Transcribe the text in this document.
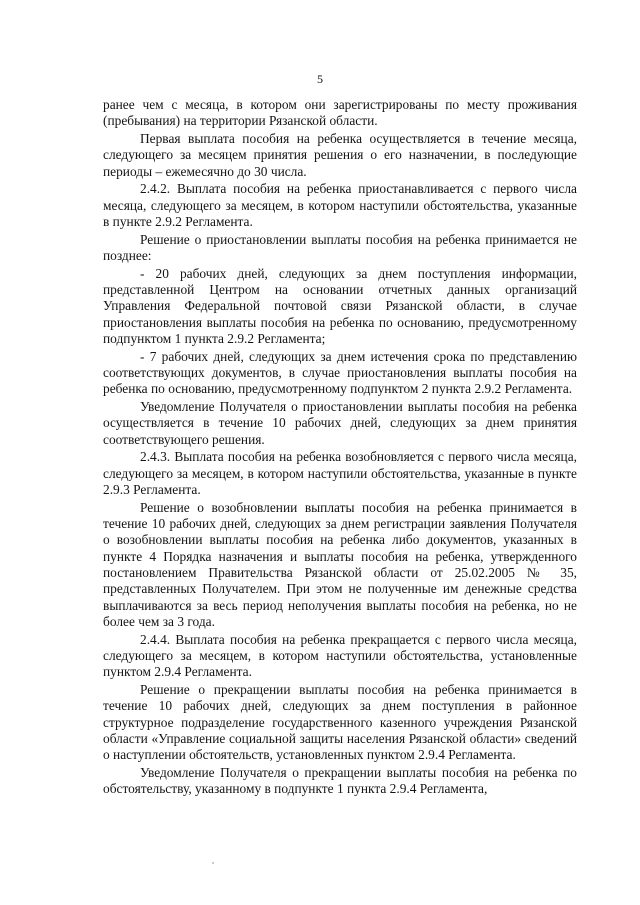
5

ранее чем с месяца, в котором они зарегистрированы по месту проживания (пребывания) на территории Рязанской области.

Первая выплата пособия на ребенка осуществляется в течение месяца, следующего за месяцем принятия решения о его назначении, в последующие периоды – ежемесячно до 30 числа.

2.4.2. Выплата пособия на ребенка приостанавливается с первого числа месяца, следующего за месяцем, в котором наступили обстоятельства, указанные в пункте 2.9.2 Регламента.

Решение о приостановлении выплаты пособия на ребенка принимается не позднее:

- 20 рабочих дней, следующих за днем поступления информации, представленной Центром на основании отчетных данных организаций Управления Федеральной почтовой связи Рязанской области, в случае приостановления выплаты пособия на ребенка по основанию, предусмотренному подпунктом 1 пункта 2.9.2 Регламента;

- 7 рабочих дней, следующих за днем истечения срока по представлению соответствующих документов, в случае приостановления выплаты пособия на ребенка по основанию, предусмотренному подпунктом 2 пункта 2.9.2 Регламента.

Уведомление Получателя о приостановлении выплаты пособия на ребенка осуществляется в течение 10 рабочих дней, следующих за днем принятия соответствующего решения.

2.4.3. Выплата пособия на ребенка возобновляется с первого числа месяца, следующего за месяцем, в котором наступили обстоятельства, указанные в пункте 2.9.3 Регламента.

Решение о возобновлении выплаты пособия на ребенка принимается в течение 10 рабочих дней, следующих за днем регистрации заявления Получателя о возобновлении выплаты пособия на ребенка либо документов, указанных в пункте 4 Порядка назначения и выплаты пособия на ребенка, утвержденного постановлением Правительства Рязанской области от 25.02.2005 № 35, представленных Получателем. При этом не полученные им денежные средства выплачиваются за весь период неполучения выплаты пособия на ребенка, но не более чем за 3 года.

2.4.4. Выплата пособия на ребенка прекращается с первого числа месяца, следующего за месяцем, в котором наступили обстоятельства, установленные пунктом 2.9.4 Регламента.

Решение о прекращении выплаты пособия на ребенка принимается в течение 10 рабочих дней, следующих за днем поступления в районное структурное подразделение государственного казенного учреждения Рязанской области «Управление социальной защиты населения Рязанской области» сведений о наступлении обстоятельств, установленных пунктом 2.9.4 Регламента.

Уведомление Получателя о прекращении выплаты пособия на ребенка по обстоятельству, указанному в подпункте 1 пункта 2.9.4 Регламента,
